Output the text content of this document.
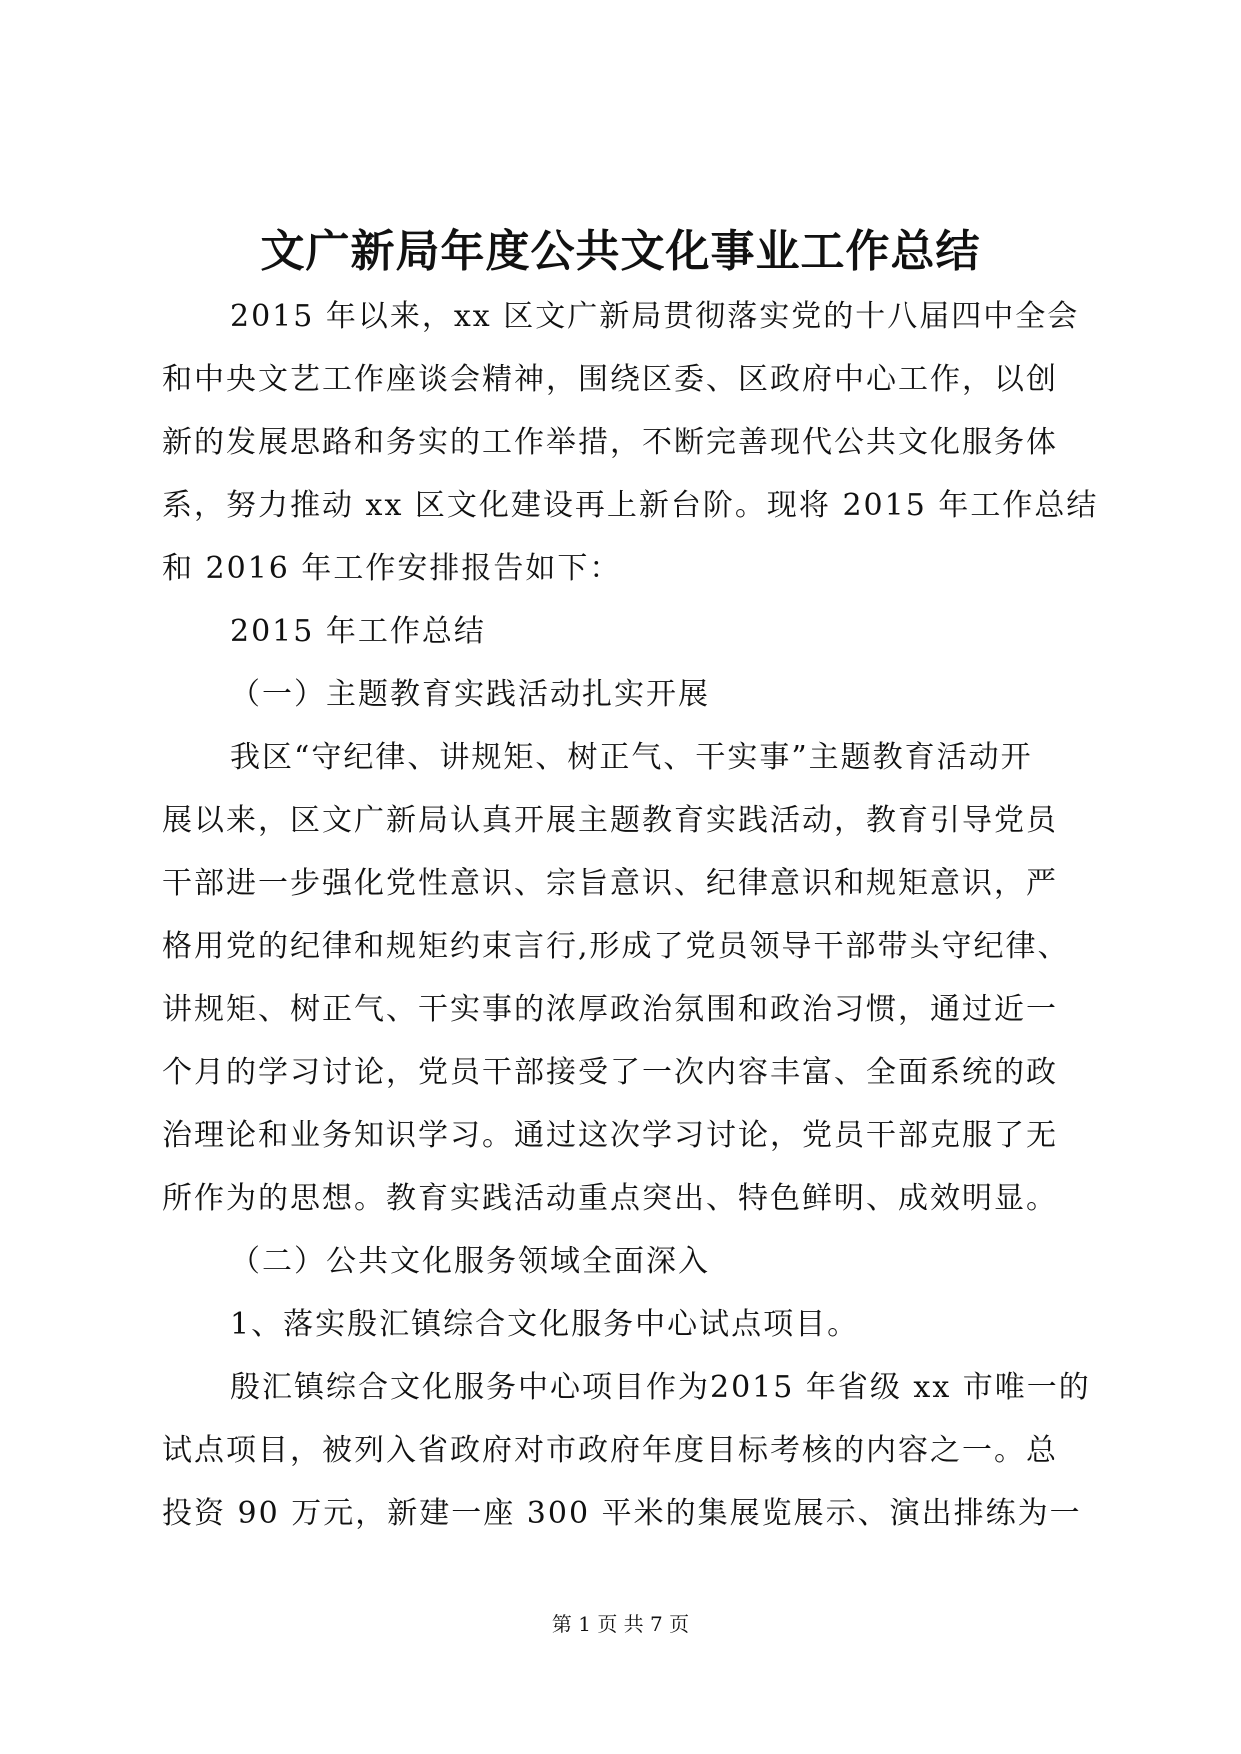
文广新局年度公共文化事业工作总结
2015 年以来，xx 区文广新局贯彻落实党的十八届四中全会
和中央文艺工作座谈会精神，围绕区委、区政府中心工作，以创
新的发展思路和务实的工作举措，不断完善现代公共文化服务体
系，努力推动 xx 区文化建设再上新台阶。现将 2015 年工作总结
和 2016 年工作安排报告如下：
2015 年工作总结
（一）主题教育实践活动扎实开展
我区“守纪律、讲规矩、树正气、干实事”主题教育活动开
展以来，区文广新局认真开展主题教育实践活动，教育引导党员
干部进一步强化党性意识、宗旨意识、纪律意识和规矩意识，严
格用党的纪律和规矩约束言行,形成了党员领导干部带头守纪律、
讲规矩、树正气、干实事的浓厚政治氛围和政治习惯，通过近一
个月的学习讨论，党员干部接受了一次内容丰富、全面系统的政
治理论和业务知识学习。通过这次学习讨论，党员干部克服了无
所作为的思想。教育实践活动重点突出、特色鲜明、成效明显。
（二）公共文化服务领域全面深入
1、落实殷汇镇综合文化服务中心试点项目。
殷汇镇综合文化服务中心项目作为2015 年省级 xx 市唯一的
试点项目，被列入省政府对市政府年度目标考核的内容之一。总
投资 90 万元，新建一座 300 平米的集展览展示、演出排练为一
第 1 页 共 7 页
